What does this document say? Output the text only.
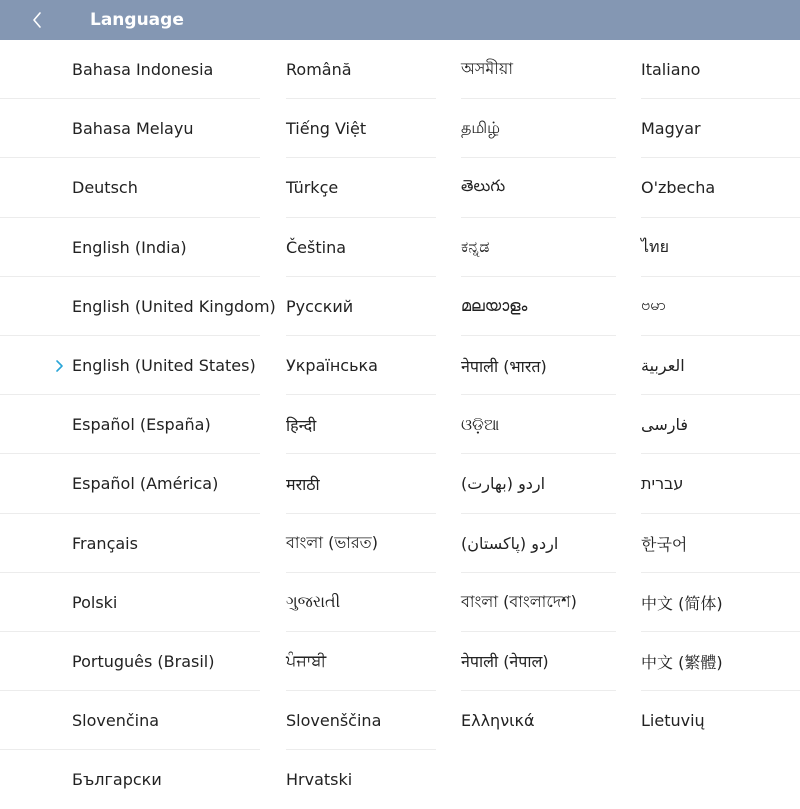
Language
Bahasa Indonesia
Bahasa Melayu
Deutsch
English (India)
English (United Kingdom)
English (United States)
Español (España)
Español (América)
Français
Polski
Português (Brasil)
Slovenčina
Български
Română
Tiếng Việt
Türkçe
Čeština
Русский
Українська
हिन्दी
मराठी
বাংলা (ভারত)
ગુજરાતી
ਪੰਜਾਬੀ
Slovenščina
Hrvatski
অসমীয়া
தமிழ்
తెలుగు
ಕನ್ನಡ
മലയാളം
नेपाली (भारत)
ଓଡ଼ିଆ
اردو (بھارت)
اردو (پاکستان)
বাংলা (বাংলাদেশ)
नेपाली (नेपाल)
Ελληνικά
Italiano
Magyar
O'zbecha
ไทย
ဗမာ
العربية
فارسی
עברית
한국어
中文 (简体)
中文 (繁體)
Lietuvių
